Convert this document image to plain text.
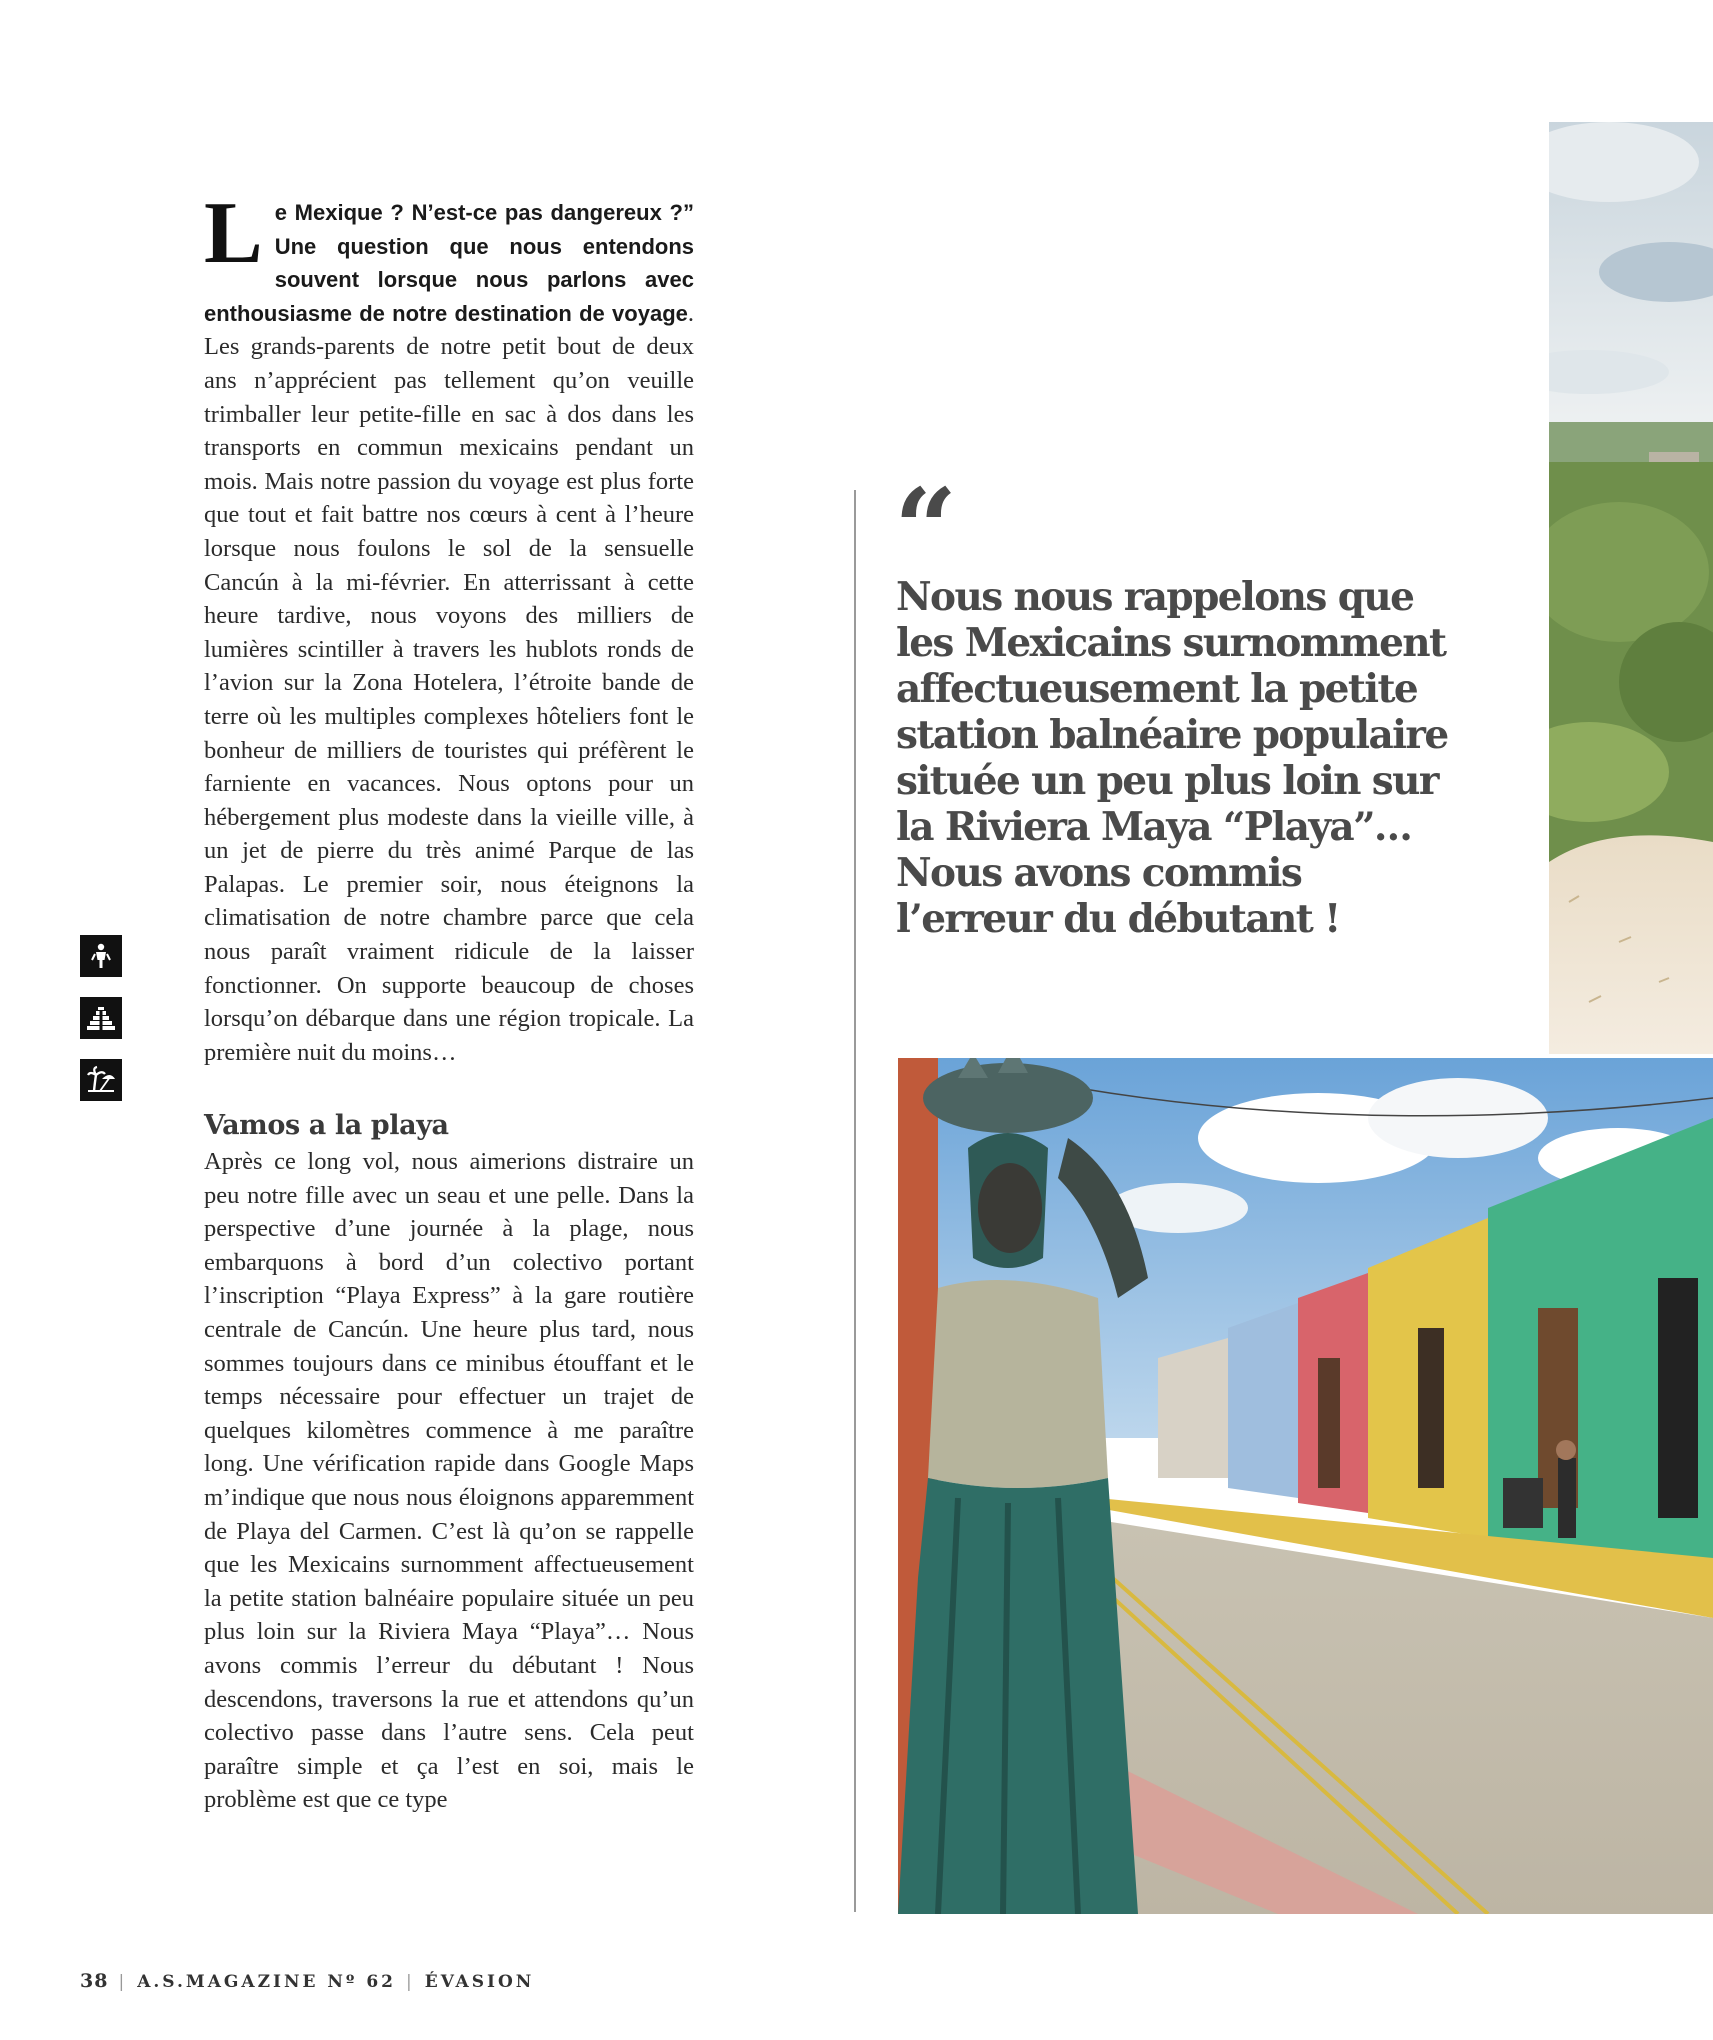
Le Mexique ? N’est-ce pas dangereux ?” Une question que nous entendons souvent lorsque nous parlons avec enthousiasme de notre destination de voyage. Les grands-parents de notre petit bout de deux ans n’apprécient pas tellement qu’on veuille trimballer leur petite-fille en sac à dos dans les transports en commun mexicains pendant un mois. Mais notre passion du voyage est plus forte que tout et fait battre nos cœurs à cent à l’heure lorsque nous foulons le sol de la sensuelle Cancún à la mi-février. En atterrissant à cette heure tardive, nous voyons des milliers de lumières scintiller à travers les hublots ronds de l’avion sur la Zona Hotelera, l’étroite bande de terre où les multiples complexes hôteliers font le bonheur de milliers de touristes qui préfèrent le farniente en vacances. Nous optons pour un hébergement plus modeste dans la vieille ville, à un jet de pierre du très animé Parque de las Palapas. Le premier soir, nous éteignons la climatisation de notre chambre parce que cela nous paraît vraiment ridicule de la laisser fonctionner. On supporte beaucoup de choses lorsqu’on débarque dans une région tropicale. La première nuit du moins…

Vamos a la playa

Après ce long vol, nous aimerions distraire un peu notre fille avec un seau et une pelle. Dans la perspective d’une journée à la plage, nous embarquons à bord d’un colectivo portant l’inscription “Playa Express” à la gare routière centrale de Cancún. Une heure plus tard, nous sommes toujours dans ce minibus étouffant et le temps nécessaire pour effectuer un trajet de quelques kilomètres commence à me paraître long. Une vérification rapide dans Google Maps m’indique que nous nous éloignons apparemment de Playa del Carmen. C’est là qu’on se rappelle que les Mexicains surnomment affectueusement la petite station balnéaire populaire située un peu plus loin sur la Riviera Maya “Playa”… Nous avons commis l’erreur du débutant ! Nous descendons, traversons la rue et attendons qu’un colectivo passe dans l’autre sens. Cela peut paraître simple et ça l’est en soi, mais le problème est que ce type

“

Nous nous rappelons que les Mexicains surnomment affectueusement la petite station balnéaire populaire située un peu plus loin sur la Riviera Maya “Playa”… Nous avons commis l’erreur du débutant !

38 | A.S.MAGAZINE Nº 62 | ÉVASION
